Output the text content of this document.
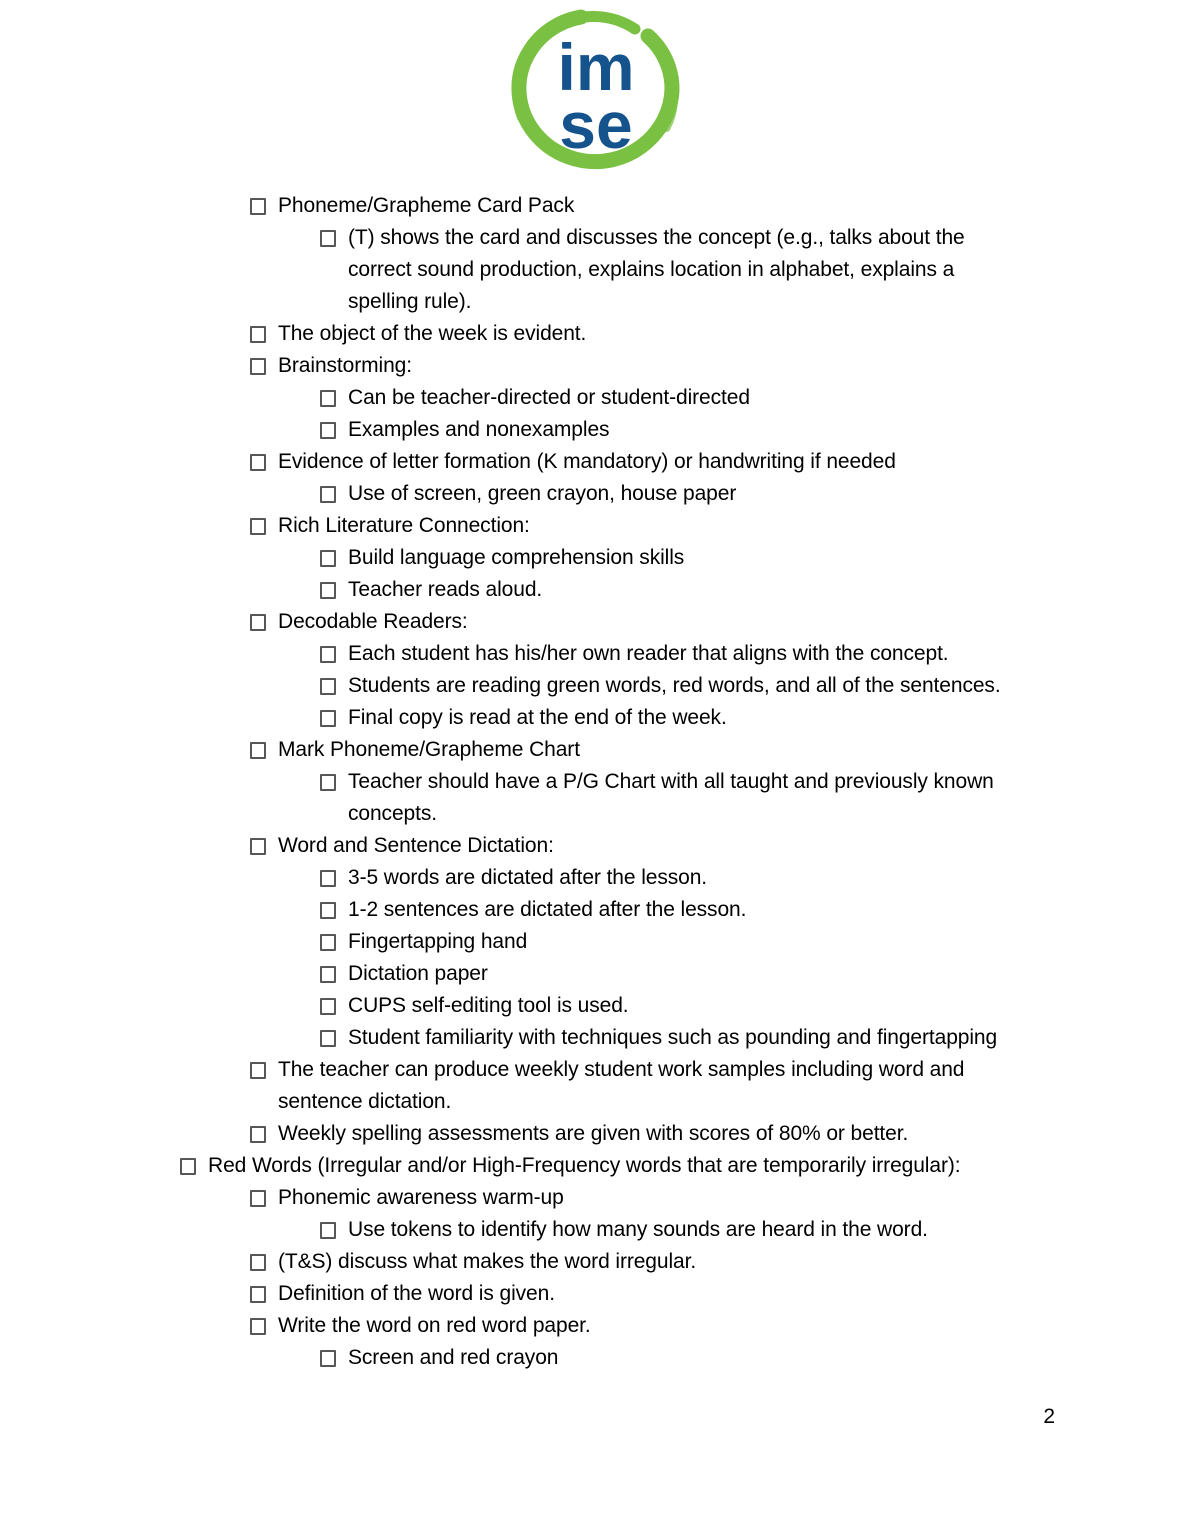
im
se
Phoneme/Grapheme Card Pack
(T) shows the card and discusses the concept (e.g., talks about the correct sound production, explains location in alphabet, explains a spelling rule).
The object of the week is evident.
Brainstorming:
Can be teacher-directed or student-directed
Examples and nonexamples
Evidence of letter formation (K mandatory) or handwriting if needed
Use of screen, green crayon, house paper
Rich Literature Connection:
Build language comprehension skills
Teacher reads aloud.
Decodable Readers:
Each student has his/her own reader that aligns with the concept.
Students are reading green words, red words, and all of the sentences.
Final copy is read at the end of the week.
Mark Phoneme/Grapheme Chart
Teacher should have a P/G Chart with all taught and previously known concepts.
Word and Sentence Dictation:
3-5 words are dictated after the lesson.
1-2 sentences are dictated after the lesson.
Fingertapping hand
Dictation paper
CUPS self-editing tool is used.
Student familiarity with techniques such as pounding and fingertapping
The teacher can produce weekly student work samples including word and sentence dictation.
Weekly spelling assessments are given with scores of 80% or better.
Red Words (Irregular and/or High-Frequency words that are temporarily irregular):
Phonemic awareness warm-up
Use tokens to identify how many sounds are heard in the word.
(T&S) discuss what makes the word irregular.
Definition of the word is given.
Write the word on red word paper.
Screen and red crayon
2
